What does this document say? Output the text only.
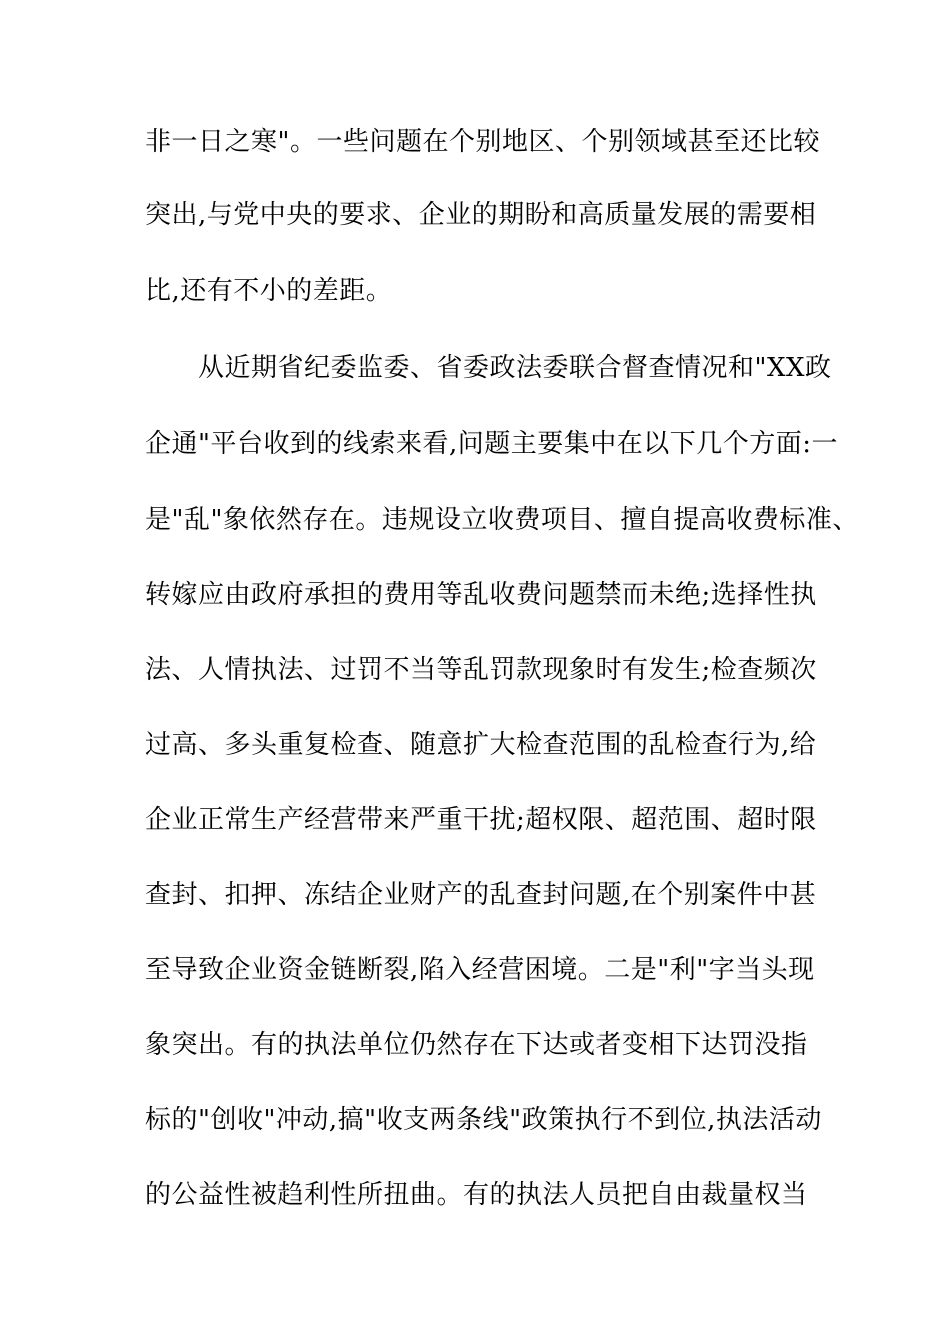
非一日之寒"。一些问题在个别地区、个别领域甚至还比较
突出,与党中央的要求、企业的期盼和高质量发展的需要相
比,还有不小的差距。
　　从近期省纪委监委、省委政法委联合督查情况和"XX政
企通"平台收到的线索来看,问题主要集中在以下几个方面:一
是"乱"象依然存在。违规设立收费项目、擅自提高收费标准、
转嫁应由政府承担的费用等乱收费问题禁而未绝;选择性执
法、人情执法、过罚不当等乱罚款现象时有发生;检查频次
过高、多头重复检查、随意扩大检查范围的乱检查行为,给
企业正常生产经营带来严重干扰;超权限、超范围、超时限
查封、扣押、冻结企业财产的乱查封问题,在个别案件中甚
至导致企业资金链断裂,陷入经营困境。二是"利"字当头现
象突出。有的执法单位仍然存在下达或者变相下达罚没指
标的"创收"冲动,搞"收支两条线"政策执行不到位,执法活动
的公益性被趋利性所扭曲。有的执法人员把自由裁量权当
